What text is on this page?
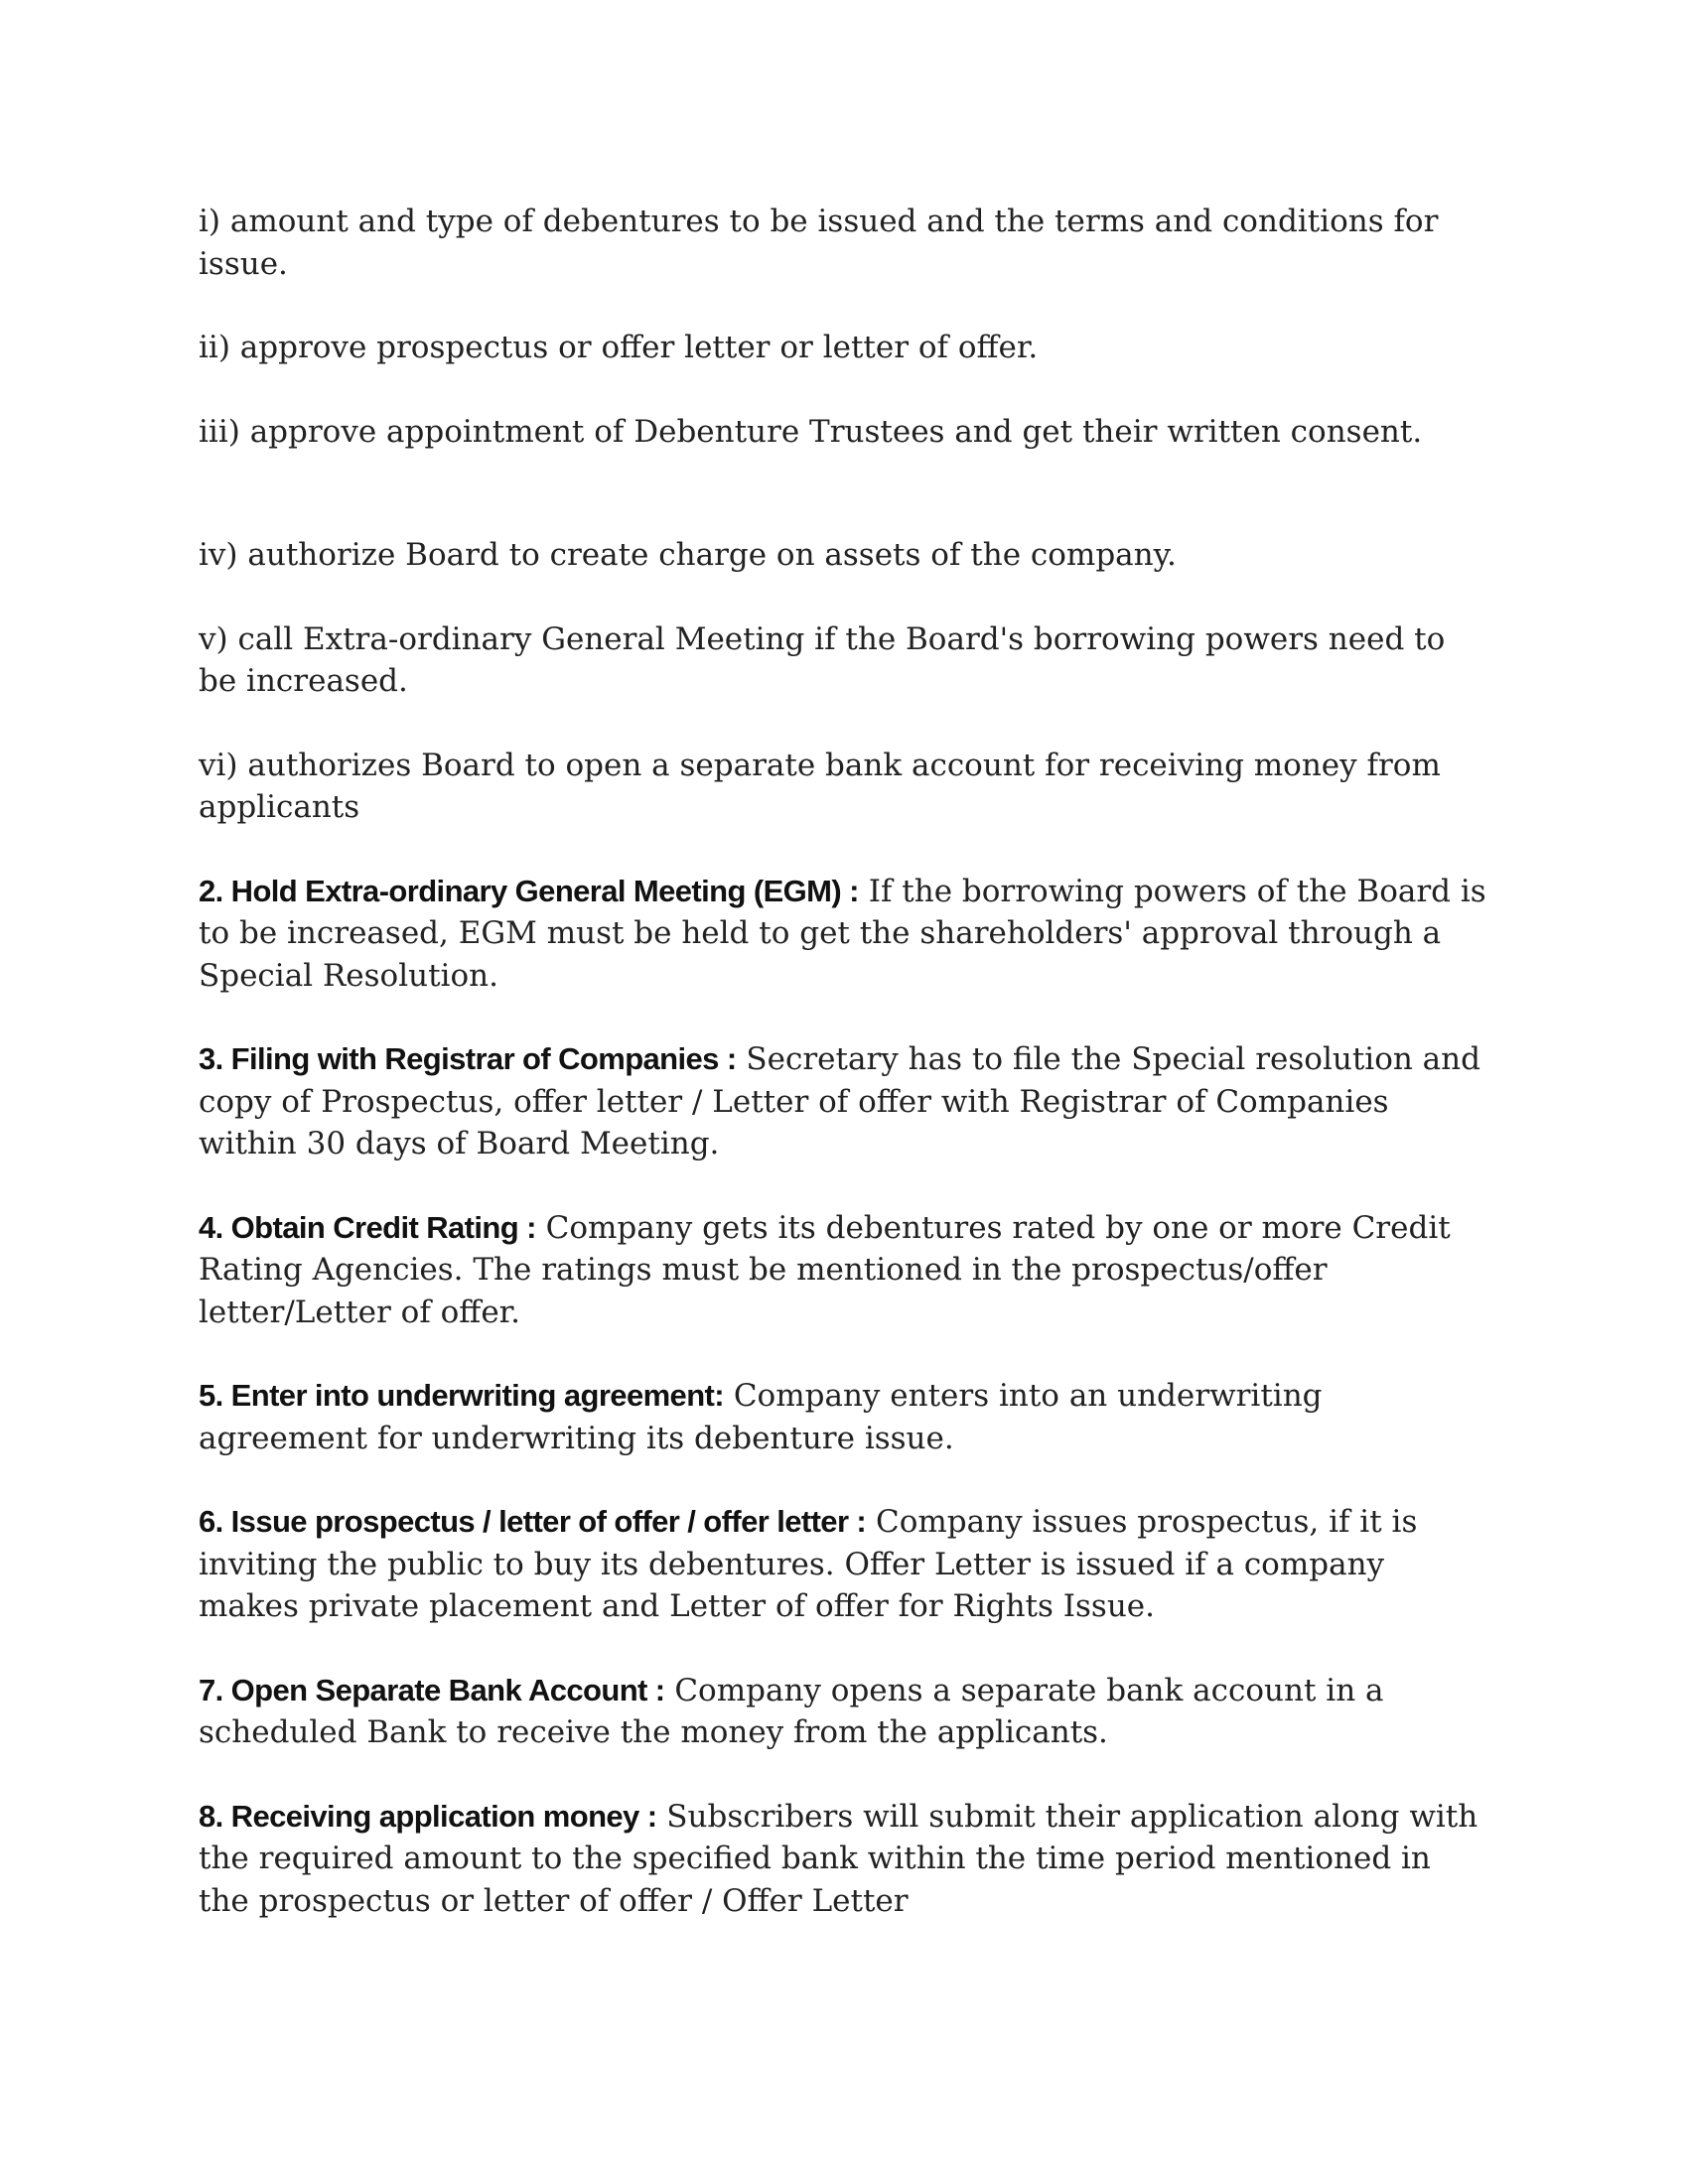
i) amount and type of debentures to be issued and the terms and conditions for issue.

ii) approve prospectus or offer letter or letter of offer.

iii) approve appointment of Debenture Trustees and get their written consent.

iv) authorize Board to create charge on assets of the company.

v) call Extra-ordinary General Meeting if the Board's borrowing powers need to be increased.

vi) authorizes Board to open a separate bank account for receiving money from applicants

2. Hold Extra-ordinary General Meeting (EGM) : If the borrowing powers of the Board is to be increased, EGM must be held to get the shareholders' approval through a Special Resolution.

3. Filing with Registrar of Companies : Secretary has to file the Special resolution and copy of Prospectus, offer letter / Letter of offer with Registrar of Companies within 30 days of Board Meeting.

4. Obtain Credit Rating : Company gets its debentures rated by one or more Credit Rating Agencies. The ratings must be mentioned in the prospectus/offer letter/Letter of offer.

5. Enter into underwriting agreement: Company enters into an underwriting agreement for underwriting its debenture issue.

6. Issue prospectus / letter of offer / offer letter : Company issues prospectus, if it is inviting the public to buy its debentures. Offer Letter is issued if a company makes private placement and Letter of offer for Rights Issue.

7. Open Separate Bank Account : Company opens a separate bank account in a scheduled Bank to receive the money from the applicants.

8. Receiving application money : Subscribers will submit their application along with the required amount to the specified bank within the time period mentioned in the prospectus or letter of offer / Offer Letter
